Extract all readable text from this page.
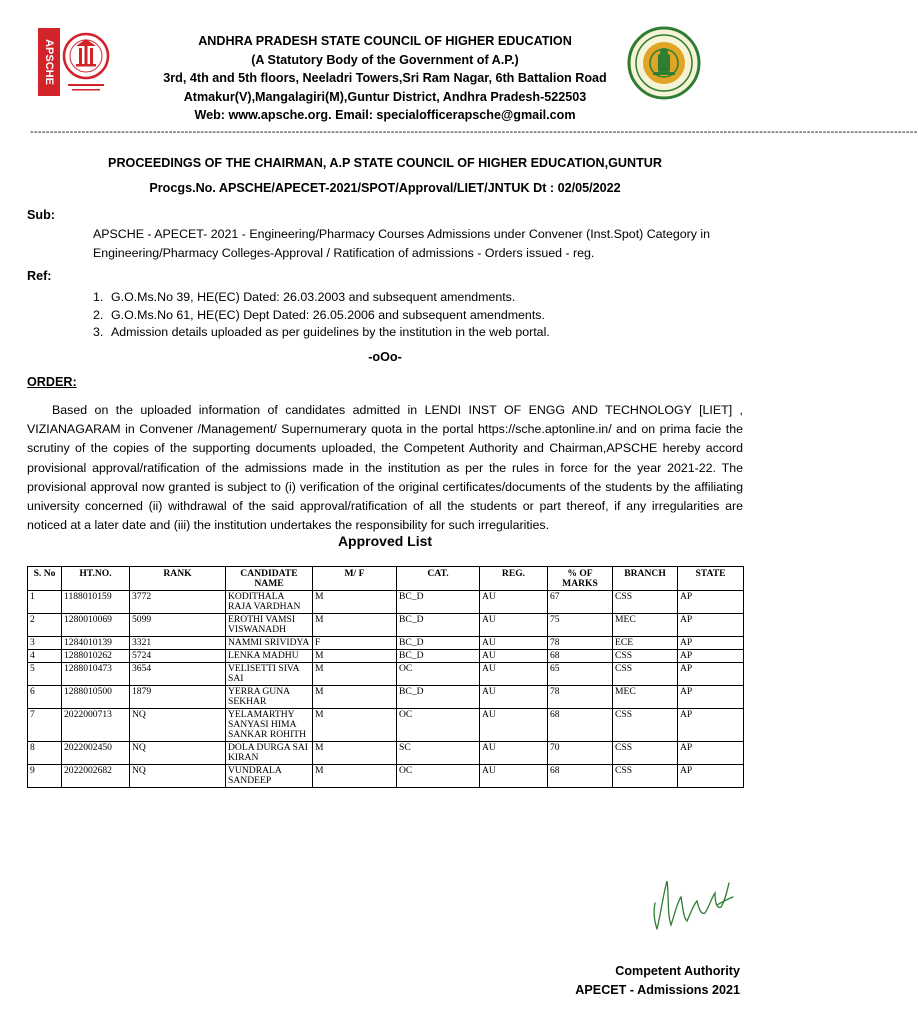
APSCHE	ANDHRA PRADESH STATE COUNCIL OF HIGHER EDUCATION
(A Statutory Body of the Government of A.P.)
3rd, 4th and 5th floors, Neeladri Towers,Sri Ram Nagar, 6th Battalion Road
Atmakur(V),Mangalagiri(M),Guntur District, Andhra Pradesh-522503
Web: www.apsche.org. Email: specialofficerapsche@gmail.com
--------------------------------------------------------------------------------------------------------------------------------------------------------------------------------------------------------------------------------
PROCEEDINGS OF THE CHAIRMAN, A.P STATE COUNCIL OF HIGHER EDUCATION,GUNTUR
Procgs.No. APSCHE/APECET-2021/SPOT/Approval/LIET/JNTUK Dt : 02/05/2022
Sub:
APSCHE - APECET- 2021 - Engineering/Pharmacy Courses Admissions under Convener (Inst.Spot) Category in Engineering/Pharmacy Colleges-Approval / Ratification of admissions - Orders issued - reg.
Ref:
1. G.O.Ms.No 39, HE(EC) Dated: 26.03.2003 and subsequent amendments.
2. G.O.Ms.No 61, HE(EC) Dept Dated: 26.05.2006 and subsequent amendments.
3. Admission details uploaded as per guidelines by the institution in the web portal.
-oOo-
ORDER:
Based on the uploaded information of candidates admitted in LENDI INST OF ENGG AND TECHNOLOGY [LIET] , VIZIANAGARAM in Convener /Management/ Supernumerary quota in the portal https://sche.aptonline.in/ and on prima facie the scrutiny of the copies of the supporting documents uploaded, the Competent Authority and Chairman,APSCHE hereby accord provisional approval/ratification of the admissions made in the institution as per the rules in force for the year 2021-22. The provisional approval now granted is subject to (i) verification of the original certificates/documents of the students by the affiliating university concerned (ii) withdrawal of the said approval/ratification of all the students or part thereof, if any irregularities are noticed at a later date and (iii) the institution undertakes the responsibility for such irregularities.
Approved List
S. No	HT.NO.	RANK	CANDIDATE NAME	M/ F	CAT.	REG.	% OF MARKS	BRANCH	STATE
1	1188010159	3772	KODITHALA RAJA VARDHAN	M	BC_D	AU	67	CSS	AP
2	1280010069	5099	EROTHI VAMSI VISWANADH	M	BC_D	AU	75	MEC	AP
3	1284010139	3321	NAMMI SRIVIDYA	F	BC_D	AU	78	ECE	AP
4	1288010262	5724	LENKA MADHU	M	BC_D	AU	68	CSS	AP
5	1288010473	3654	VELISETTI SIVA SAI	M	OC	AU	65	CSS	AP
6	1288010500	1879	YERRA GUNA SEKHAR	M	BC_D	AU	78	MEC	AP
7	2022000713	NQ	YELAMARTHY SANYASI HIMA SANKAR ROHITH	M	OC	AU	68	CSS	AP
8	2022002450	NQ	DOLA DURGA SAI KIRAN	M	SC	AU	70	CSS	AP
9	2022002682	NQ	VUNDRALA SANDEEP	M	OC	AU	68	CSS	AP
Competent Authority
APECET - Admissions 2021
